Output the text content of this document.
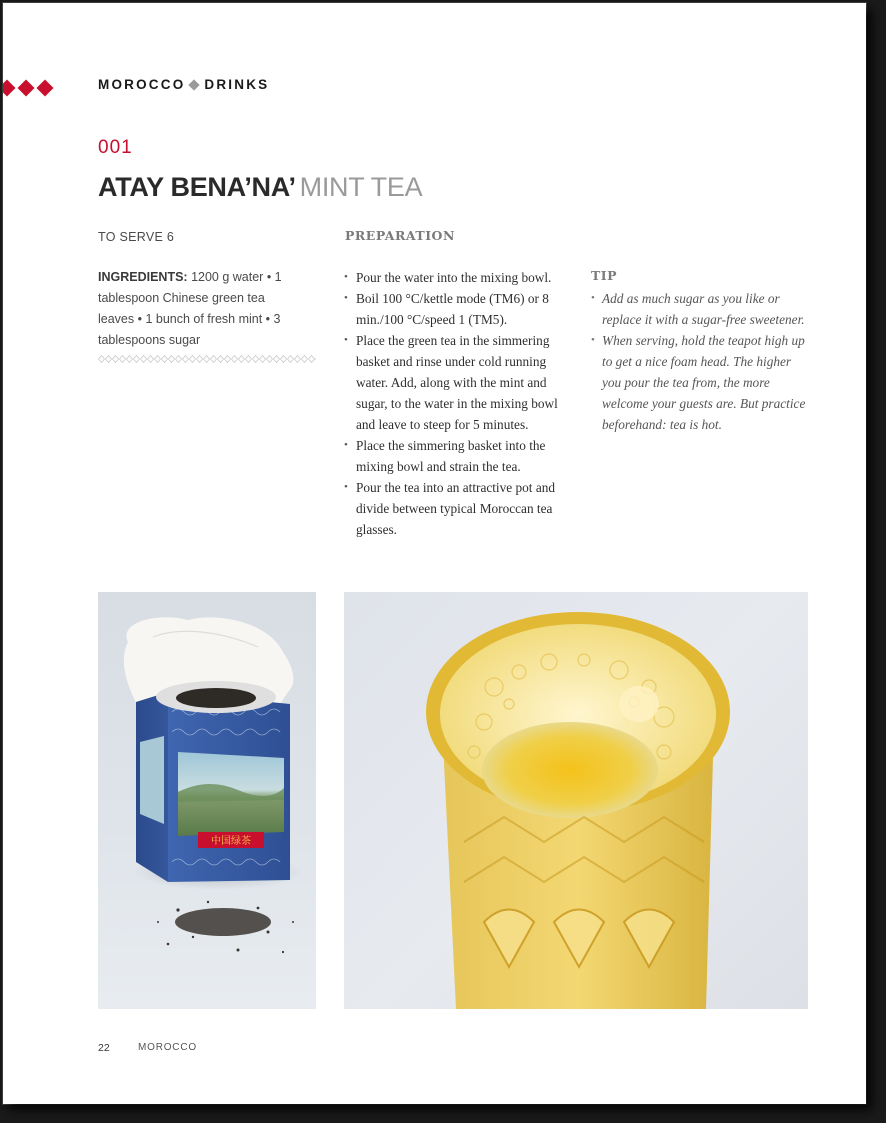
MOROCCO DRINKS
001
ATAY BENA’NA’ MINT TEA
TO SERVE 6
INGREDIENTS: 1200 g water • 1 tablespoon Chinese green tea leaves • 1 bunch of fresh mint • 3 tablespoons sugar
PREPARATION
• Pour the water into the mixing bowl.
• Boil 100 °C/kettle mode (TM6) or 8 min./100 °C/speed 1 (TM5).
• Place the green tea in the simmering basket and rinse under cold running water. Add, along with the mint and sugar, to the water in the mixing bowl and leave to steep for 5 minutes.
• Place the simmering basket into the mixing bowl and strain the tea.
• Pour the tea into an attractive pot and divide between typical Moroccan tea glasses.
TIP
• Add as much sugar as you like or replace it with a sugar-free sweetener.
• When serving, hold the teapot high up to get a nice foam head. The higher you pour the tea from, the more welcome your guests are. But practice beforehand: tea is hot.
中国绿茶
22	MOROCCO
